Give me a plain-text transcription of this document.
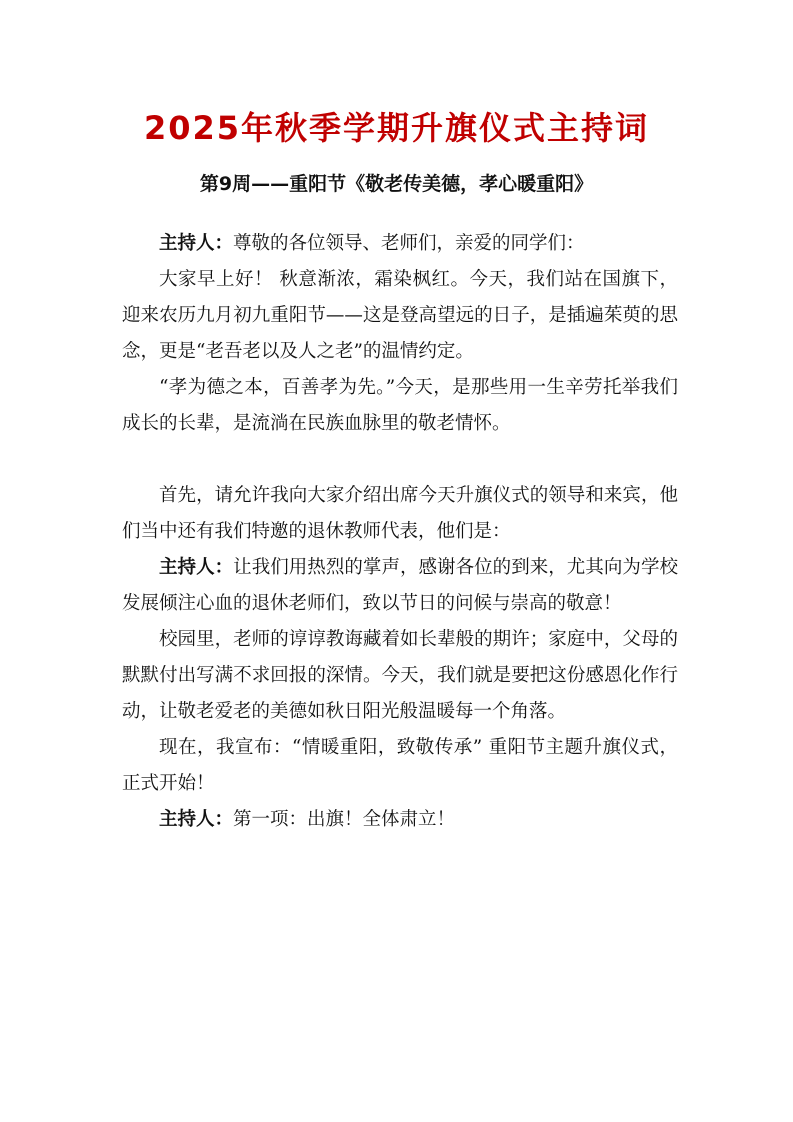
2025年秋季学期升旗仪式主持词
第9周——重阳节《敬老传美德，孝心暖重阳》

主持人：尊敬的各位领导、老师们，亲爱的同学们：

大家早上好！ 秋意渐浓，霜染枫红。今天，我们站在国旗下，迎来农历九月初九重阳节——这是登高望远的日子，是插遍茱萸的思念，更是“老吾老以及人之老”的温情约定。

“孝为德之本，百善孝为先。”今天，是那些用一生辛劳托举我们成长的长辈，是流淌在民族血脉里的敬老情怀。

首先，请允许我向大家介绍出席今天升旗仪式的领导和来宾，他们当中还有我们特邀的退休教师代表，他们是：

主持人：让我们用热烈的掌声，感谢各位的到来，尤其向为学校发展倾注心血的退休老师们，致以节日的问候与崇高的敬意！

校园里，老师的谆谆教诲藏着如长辈般的期许；家庭中，父母的默默付出写满不求回报的深情。今天，我们就是要把这份感恩化作行动，让敬老爱老的美德如秋日阳光般温暖每一个角落。

现在，我宣布：“情暖重阳，致敬传承” 重阳节主题升旗仪式，正式开始！

主持人：第一项：出旗！全体肃立！
